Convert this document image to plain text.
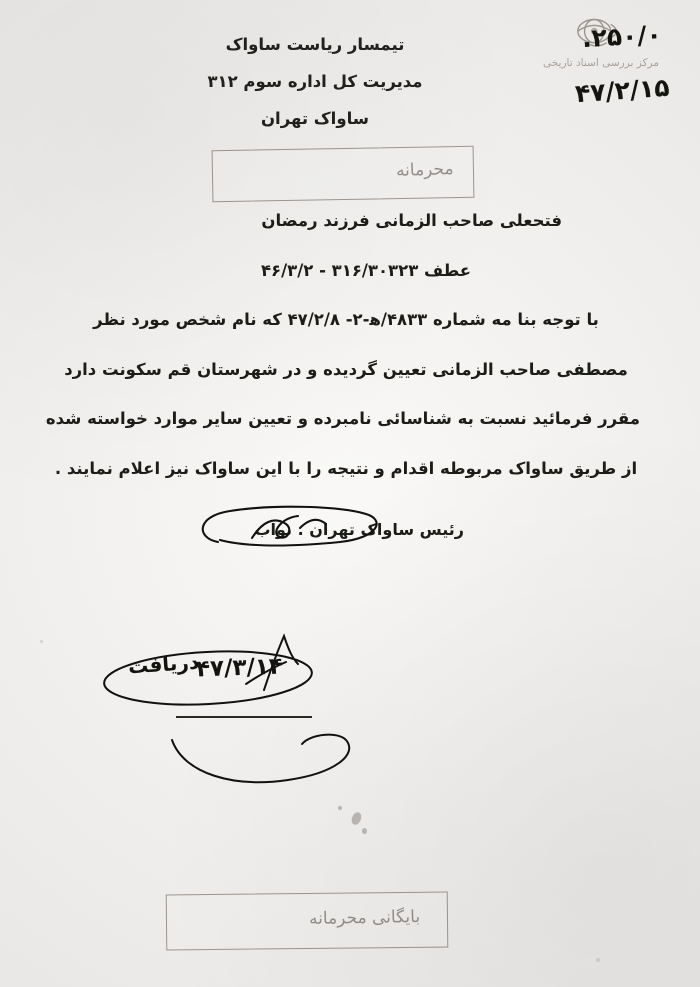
مرکز بررسی اسناد تاریخی
۲۵۰/۰.
۴۷/۲/۱۵
تیمسار ریاست ساواک
مدیریت کل اداره سوم ۳۱۲
ساواک تهران
محرمانه
فتحعلی صاحب الزمانی فرزند رمضان
عطف ۳۱۶/۳۰۳۲۳ - ۴۶/۳/۲
با توجه بنا مه شماره ۴۸۳۳/ه‍-۲- ۴۷/۲/۸ که نام شخص مورد نظر
مصطفی صاحب الزمانی تعیین گردیده و در شهرستان قم سکونت دارد
مقرر فرمائید نسبت به شناسائی نامبرده و تعیین سایر موارد خواسته شده
از طریق ساواک مربوطه اقدام و نتیجه را با این ساواک نیز اعلام نمایند .
رئیس ساواک تهران . نواب
دریافت
۴۷/۳/۱۴
بایگانی محرمانه
